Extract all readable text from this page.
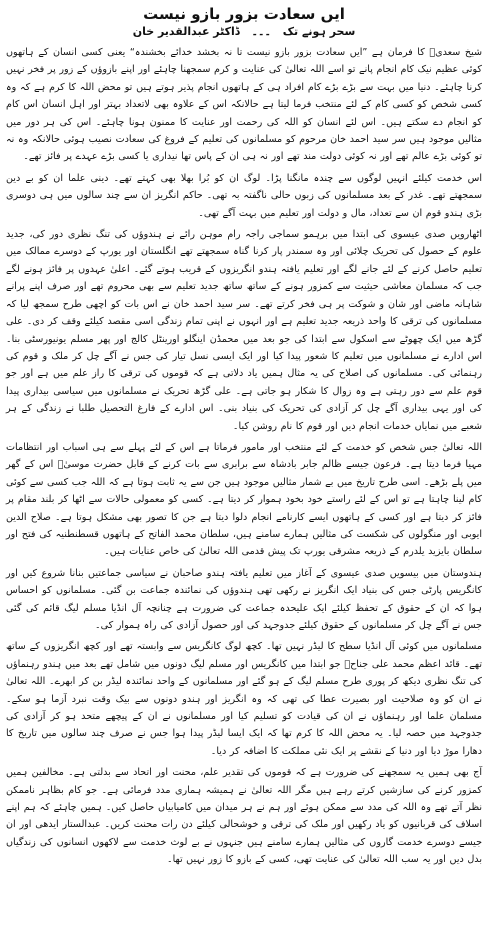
ایں سعادت بزور بازو نیست
سحر ہونے تک ۔۔۔ ڈاکٹر عبدالقدیر خان

شیخ سعدیؒ کا فرمان ہے ”ایں سعادت بزور بازو نیست تا نہ بخشد خدائے بخشندہ“ یعنی کسی انسان کے ہاتھوں کوئی عظیم نیک کام انجام پانے تو اسے اللہ تعالیٰ کی عنایت و کرم سمجھنا چاہئے اور اپنے بازوؤں کے زور پر فخر نہیں کرنا چاہئے۔ دنیا میں بہت سے بڑے بڑے کام افراد ہی کے ہاتھوں انجام پذیر ہوتے ہیں تو محض اللہ کا کرم ہے کہ وہ کسی شخص کو کسی کام کے لئے منتخب فرما لیتا ہے حالانکہ اس کے علاوہ بھی لاتعداد بہتر اور اہل انسان اس کام کو انجام دے سکتے ہیں۔ اس لئے انسان کو اللہ کی رحمت اور عنایت کا ممنون ہونا چاہئے۔ اس کی ہر دور میں مثالیں موجود ہیں سر سید احمد خان مرحوم کو مسلمانوں کی تعلیم کے فروغ کی سعادت نصیب ہوئی حالانکہ وہ نہ تو کوئی بڑے عالم تھے اور نہ کوئی دولت مند تھے اور نہ ہی ان کے پاس تھا نیداری یا کسی بڑے عہدے پر فائز تھے۔

اس خدمت کیلئے انہیں لوگوں سے چندہ مانگنا پڑا۔ لوگ ان کو بُرا بھلا بھی کہتے تھے۔ دینی علما ان کو بے دین سمجھتے تھے۔ غدر کے بعد مسلمانوں کی زبوں حالی ناگفتہ بہ تھی۔ حاکم انگریز ان سے چند سالوں میں ہی دوسری بڑی ہندو قوم ان سے تعداد، مال و دولت اور تعلیم میں بہت آگے تھی۔

اٹھارویں صدی عیسوی کی ابتدا میں برہمو سماجی راجہ رام موہن رائے نے ہندوؤں کی تنگ نظری دور کی، جدید علوم کے حصول کی تحریک چلائی اور وہ سمندر پار کرنا گناہ سمجھتے تھے انگلستان اور یورپ کے دوسرے ممالک میں تعلیم حاصل کرنے کے لئے جانے لگے اور تعلیم یافتہ ہندو انگریزوں کے قریب ہوتے گئے۔ اعلیٰ عہدوں پر فائز ہونے لگے جب کہ مسلمان معاشی حیثیت سے کمزور ہونے کے ساتھ ساتھ جدید تعلیم سے بھی محروم تھے اور صرف اپنے پرانے شاہانہ ماضی اور شان و شوکت پر ہی فخر کرتے تھے۔ سر سید احمد خان نے اس بات کو اچھی طرح سمجھ لیا کہ مسلمانوں کی ترقی کا واحد ذریعہ جدید تعلیم ہے اور انہوں نے اپنی تمام زندگی اسی مقصد کیلئے وقف کر دی۔ علی گڑھ میں ایک چھوٹے سے اسکول سے ابتدا کی جو بعد میں محمڈن اینگلو اورینٹل کالج اور پھر مسلم یونیورسٹی بنا۔ اس ادارے نے مسلمانوں میں تعلیم کا شعور پیدا کیا اور ایک ایسی نسل تیار کی جس نے آگے چل کر ملک و قوم کی رہنمائی کی۔ مسلمانوں کی اصلاح کی یہ مثال ہمیں یاد دلاتی ہے کہ قوموں کی ترقی کا راز علم میں ہے اور جو قوم علم سے دور رہتی ہے وہ زوال کا شکار ہو جاتی ہے۔ علی گڑھ تحریک نے مسلمانوں میں سیاسی بیداری پیدا کی اور یہی بیداری آگے چل کر آزادی کی تحریک کی بنیاد بنی۔ اس ادارے کے فارغ التحصیل طلبا نے زندگی کے ہر شعبے میں نمایاں خدمات انجام دیں اور قوم کا نام روشن کیا۔

اللہ تعالیٰ جس شخص کو خدمت کے لئے منتخب اور مامور فرماتا ہے اس کے لئے پہلے سے ہی اسباب اور انتظامات مہیا فرما دیتا ہے۔ فرعون جیسے ظالم جابر بادشاہ سے برابری سے بات کرنے کے قابل حضرت موسیٰؑ اس کے گھر میں پلے بڑھے۔ اسی طرح تاریخ میں بے شمار مثالیں موجود ہیں جن سے یہ ثابت ہوتا ہے کہ اللہ جب کسی سے کوئی کام لینا چاہتا ہے تو اس کے لئے راستے خود بخود ہموار کر دیتا ہے۔ کسی کو معمولی حالات سے اٹھا کر بلند مقام پر فائز کر دیتا ہے اور کسی کے ہاتھوں ایسے کارنامے انجام دلوا دیتا ہے جن کا تصور بھی مشکل ہوتا ہے۔ صلاح الدین ایوبی اور منگولوں کی شکست کی مثالیں ہمارے سامنے ہیں، سلطان محمد الفاتح کے ہاتھوں قسطنطنیہ کی فتح اور سلطان بایزید یلدرم کے ذریعہ مشرقی یورپ تک پیش قدمی اللہ تعالیٰ کی خاص عنایات ہیں۔

ہندوستان میں بیسویں صدی عیسوی کے آغاز میں تعلیم یافتہ ہندو صاحبان نے سیاسی جماعتیں بنانا شروع کیں اور کانگریس پارٹی جس کی بنیاد ایک انگریز نے رکھی تھی ہندوؤں کی نمائندہ جماعت بن گئی۔ مسلمانوں کو احساس ہوا کہ ان کے حقوق کے تحفظ کیلئے ایک علیحدہ جماعت کی ضرورت ہے چنانچہ آل انڈیا مسلم لیگ قائم کی گئی جس نے آگے چل کر مسلمانوں کے حقوق کیلئے جدوجہد کی اور حصول آزادی کی راہ ہموار کی۔

مسلمانوں میں کوئی آل انڈیا سطح کا لیڈر نہیں تھا۔ کچھ لوگ کانگریس سے وابستہ تھے اور کچھ انگریزوں کے ساتھ تھے۔ قائد اعظم محمد علی جناحؒ جو ابتدا میں کانگریس اور مسلم لیگ دونوں میں شامل تھے بعد میں ہندو رہنماؤں کی تنگ نظری دیکھ کر پوری طرح مسلم لیگ کے ہو گئے اور مسلمانوں کے واحد نمائندہ لیڈر بن کر ابھرے۔ اللہ تعالیٰ نے ان کو وہ صلاحیت اور بصیرت عطا کی تھی کہ وہ انگریز اور ہندو دونوں سے بیک وقت نبرد آزما ہو سکے۔ مسلمان علما اور رہنماؤں نے ان کی قیادت کو تسلیم کیا اور مسلمانوں نے ان کے پیچھے متحد ہو کر آزادی کی جدوجہد میں حصہ لیا۔ یہ محض اللہ کا کرم تھا کہ ایک ایسا لیڈر پیدا ہوا جس نے صرف چند سالوں میں تاریخ کا دھارا موڑ دیا اور دنیا کے نقشے پر ایک نئی مملکت کا اضافہ کر دیا۔

آج بھی ہمیں یہ سمجھنے کی ضرورت ہے کہ قوموں کی تقدیر علم، محنت اور اتحاد سے بدلتی ہے۔ مخالفین ہمیں کمزور کرنے کی سازشیں کرتے رہے ہیں مگر اللہ تعالیٰ نے ہمیشہ ہماری مدد فرمائی ہے۔ جو کام بظاہر ناممکن نظر آتے تھے وہ اللہ کی مدد سے ممکن ہوئے اور ہم نے ہر میدان میں کامیابیاں حاصل کیں۔ ہمیں چاہئے کہ ہم اپنے اسلاف کی قربانیوں کو یاد رکھیں اور ملک کی ترقی و خوشحالی کیلئے دن رات محنت کریں۔ عبدالستار ایدھی اور ان جیسے دوسرے خدمت گاروں کی مثالیں ہمارے سامنے ہیں جنہوں نے بے لوث خدمت سے لاکھوں انسانوں کی زندگیاں بدل دیں اور یہ سب اللہ تعالیٰ کی عنایت تھی، کسی کے بازو کا زور نہیں تھا۔
